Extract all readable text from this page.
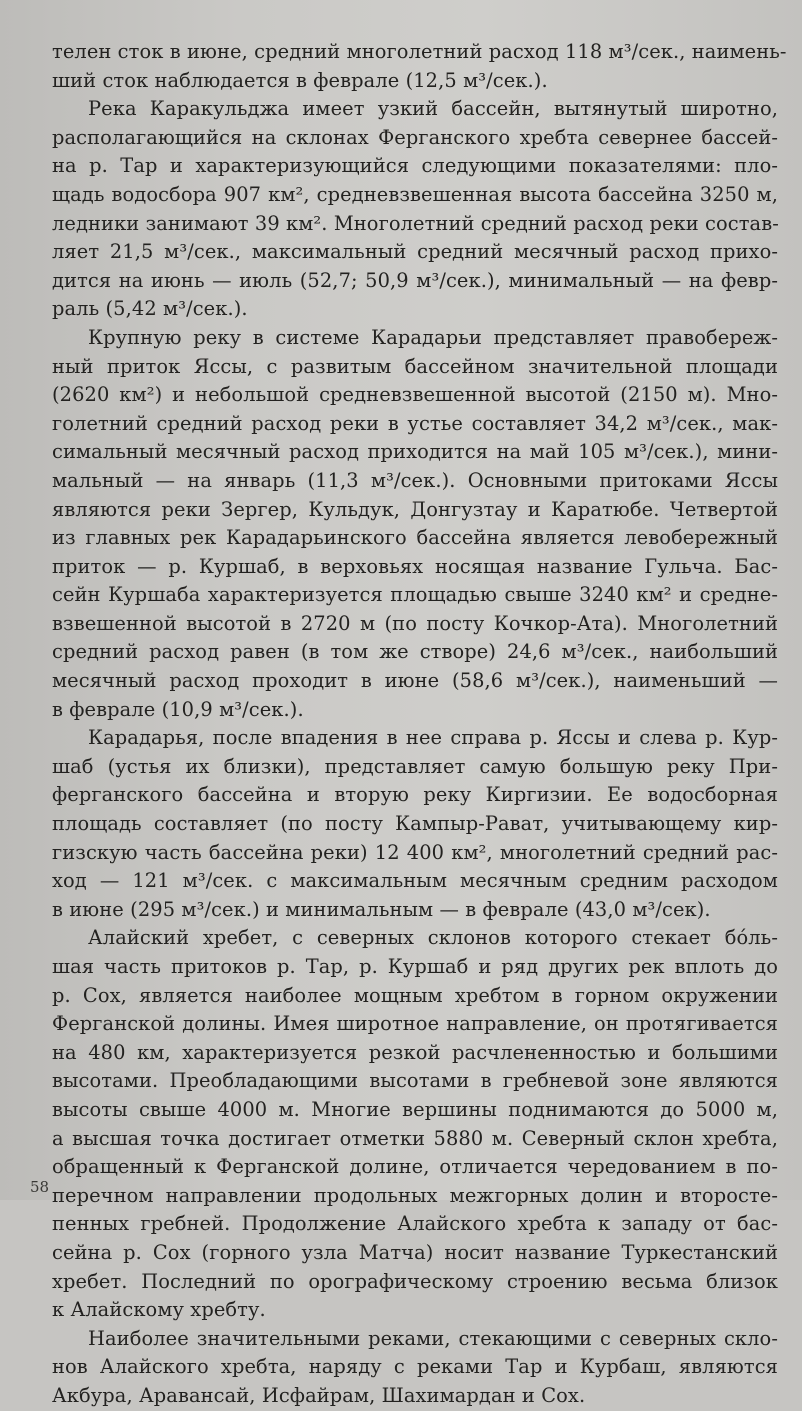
телен сток в июне, средний многолетний расход 118 м³/сек., наимень-
ший сток наблюдается в феврале (12,5 м³/сек.).
Река Каракульджа имеет узкий бассейн, вытянутый широтно,
располагающийся на склонах Ферганского хребта севернее бассей-
на р. Тар и характеризующийся следующими показателями: пло-
щадь водосбора 907 км², средневзвешенная высота бассейна 3250 м,
ледники занимают 39 км². Многолетний средний расход реки состав-
ляет 21,5 м³/сек., максимальный средний месячный расход прихо-
дится на июнь — июль (52,7; 50,9 м³/сек.), минимальный — на февр-
раль (5,42 м³/сек.).
Крупную реку в системе Карадарьи представляет правобереж-
ный приток Яссы, с развитым бассейном значительной площади
(2620 км²) и небольшой средневзвешенной высотой (2150 м). Мно-
голетний средний расход реки в устье составляет 34,2 м³/сек., мак-
симальный месячный расход приходится на май 105 м³/сек.), мини-
мальный — на январь (11,3 м³/сек.). Основными притоками Яссы
являются реки Зергер, Кульдук, Донгузтау и Каратюбе. Четвертой
из главных рек Карадарьинского бассейна является левобережный
приток — р. Куршаб, в верховьях носящая название Гульча. Бас-
сейн Куршаба характеризуется площадью свыше 3240 км² и средне-
взвешенной высотой в 2720 м (по посту Кочкор-Ата). Многолетний
средний расход равен (в том же створе) 24,6 м³/сек., наибольший
месячный расход проходит в июне (58,6 м³/сек.), наименьший —
в феврале (10,9 м³/сек.).
Карадарья, после впадения в нее справа р. Яссы и слева р. Кур-
шаб (устья их близки), представляет самую большую реку При-
ферганского бассейна и вторую реку Киргизии. Ее водосборная
площадь составляет (по посту Кампыр-Рават, учитывающему кир-
гизскую часть бассейна реки) 12 400 км², многолетний средний рас-
ход — 121 м³/сек. с максимальным месячным средним расходом
в июне (295 м³/сек.) и минимальным — в феврале (43,0 м³/сек).
Алайский хребет, с северных склонов которого стекает бо́ль-
шая часть притоков р. Тар, р. Куршаб и ряд других рек вплоть до
р. Сох, является наиболее мощным хребтом в горном окружении
Ферганской долины. Имея широтное направление, он протягивается
на 480 км, характеризуется резкой расчлененностью и большими
высотами. Преобладающими высотами в гребневой зоне являются
высоты свыше 4000 м. Многие вершины поднимаются до 5000 м,
а высшая точка достигает отметки 5880 м. Северный склон хребта,
обращенный к Ферганской долине, отличается чередованием в по-
перечном направлении продольных межгорных долин и второсте-
пенных гребней. Продолжение Алайского хребта к западу от бас-
сейна р. Сох (горного узла Матча) носит название Туркестанский
хребет. Последний по орографическому строению весьма близок
к Алайскому хребту.
Наиболее значительными реками, стекающими с северных скло-
нов Алайского хребта, наряду с реками Тар и Курбаш, являются
Акбура, Аравансай, Исфайрам, Шахимардан и Сох.
58
